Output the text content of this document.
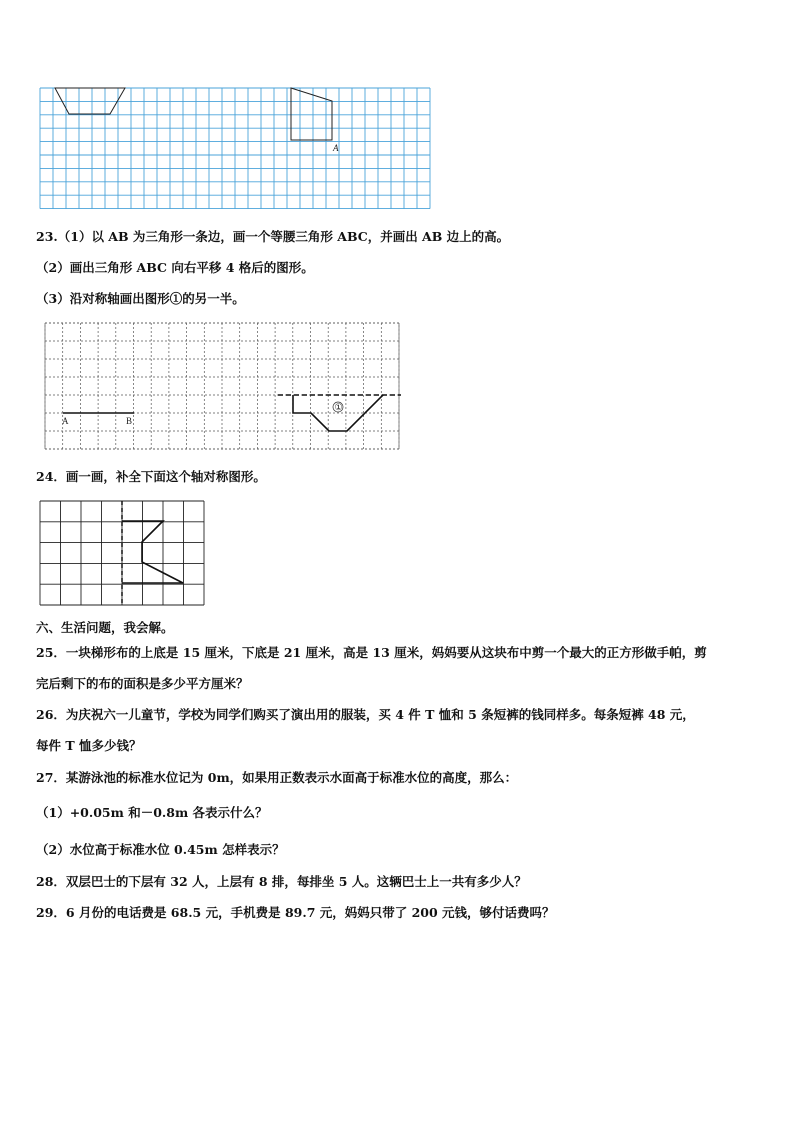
A
23.（1）以 AB 为三角形一条边，画一个等腰三角形 ABC，并画出 AB 边上的高。
（2）画出三角形 ABC 向右平移 4 格后的图形。
（3）沿对称轴画出图形①的另一半。
A	B
①
24．画一画，补全下面这个轴对称图形。
六、生活问题，我会解。
25．一块梯形布的上底是 15 厘米，下底是 21 厘米，高是 13 厘米，妈妈要从这块布中剪一个最大的正方形做手帕，剪
完后剩下的布的面积是多少平方厘米？
26．为庆祝六一儿童节，学校为同学们购买了演出用的服装，买 4 件 T 恤和 5 条短裤的钱同样多。每条短裤 48 元，
每件 T 恤多少钱？
27．某游泳池的标准水位记为 0m，如果用正数表示水面高于标准水位的高度，那么：
（1）+0.05m 和－0.8m 各表示什么？
（2）水位高于标准水位 0.45m 怎样表示？
28．双层巴士的下层有 32 人，上层有 8 排，每排坐 5 人。这辆巴士上一共有多少人？
29．6 月份的电话费是 68.5 元，手机费是 89.7 元，妈妈只带了 200 元钱，够付话费吗？
